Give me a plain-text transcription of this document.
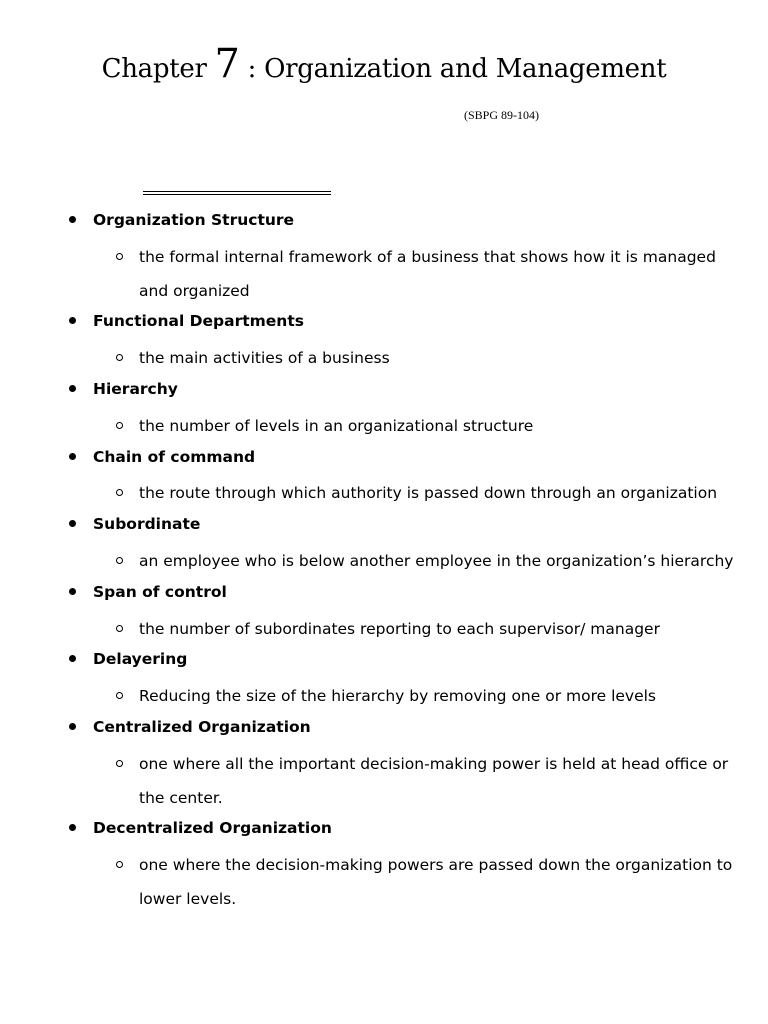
Chapter 7 : Organization and Management
(SBPG 89-104)
Organization Structure
the formal internal framework of a business that shows how it is managed and organized
Functional Departments
the main activities of a business
Hierarchy
the number of levels in an organizational structure
Chain of command
the route through which authority is passed down through an organization
Subordinate
an employee who is below another employee in the organization’s hierarchy
Span of control
the number of subordinates reporting to each supervisor/ manager
Delayering
Reducing the size of the hierarchy by removing one or more levels
Centralized Organization
one where all the important decision-making power is held at head office or the center.
Decentralized Organization
one where the decision-making powers are passed down the organization to lower levels.
